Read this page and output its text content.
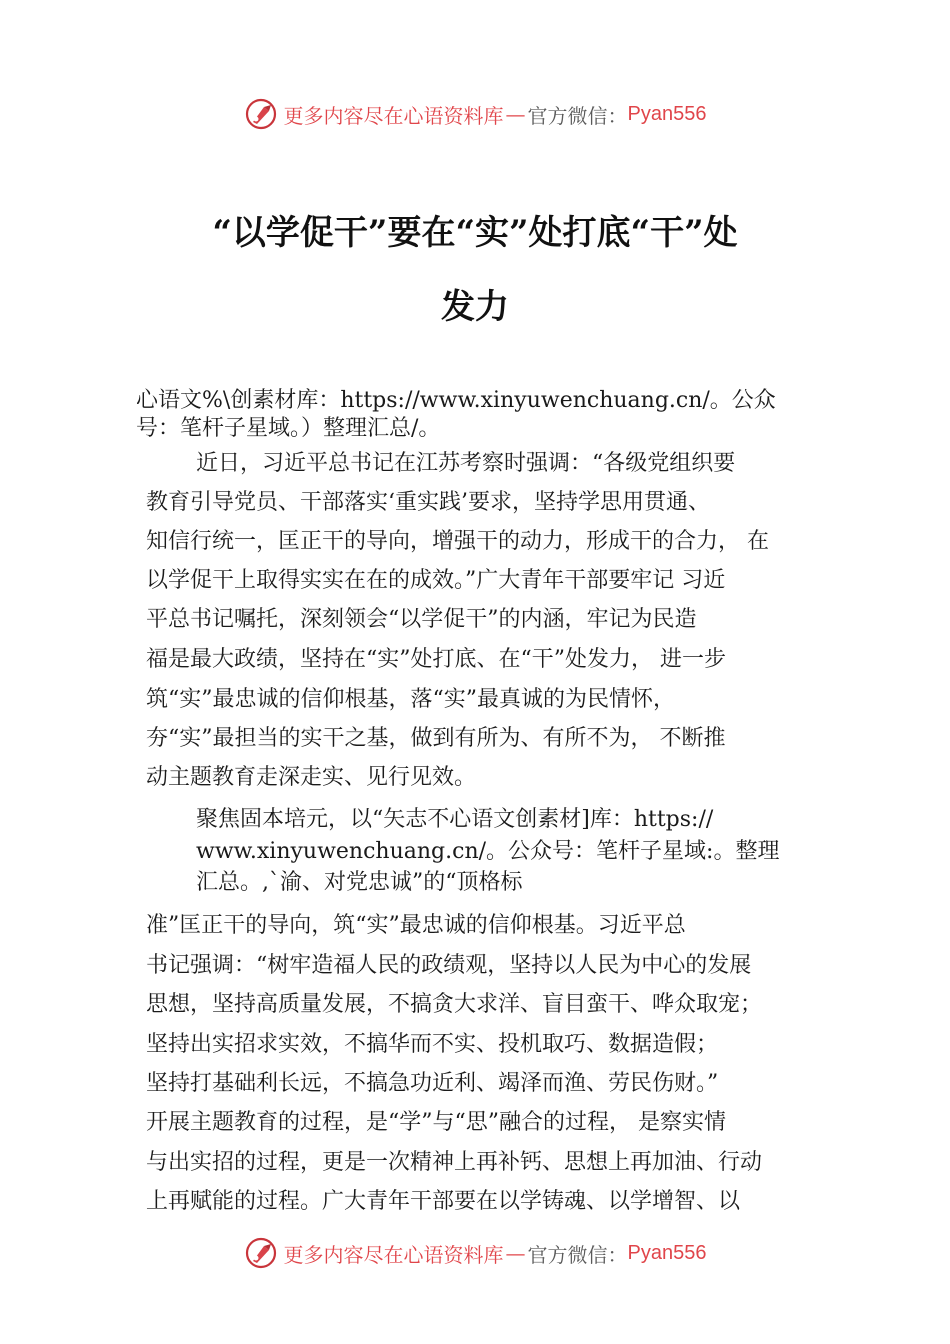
更多内容尽在心语资料库 — 官方微信： Pyan556
“以学促干”要在“实”处打底“干”处
发力
心语文%\创素材库：https://www.xinyuwenchuang.cn/。公众
号：笔杆子星域。）整理汇总/。
近日，习近平总书记在江苏考察时强调：“各级党组织要
教育引导党员、干部落实‘重实践’要求，坚持学思用贯通、
知信行统一，匡正干的导向，增强干的动力，形成干的合力， 在
以学促干上取得实实在在的成效。”广大青年干部要牢记 习近
平总书记嘱托，深刻领会“以学促干”的内涵，牢记为民造
福是最大政绩，坚持在“实”处打底、在“干”处发力， 进一步
筑“实”最忠诚的信仰根基，落“实”最真诚的为民情怀，
夯“实”最担当的实干之基，做到有所为、有所不为， 不断推
动主题教育走深走实、见行见效。
聚焦固本培元，以“矢志不心语文创素材]库：https://
www.xinyuwenchuang.cn/。公众号：笔杆子星域:。整理
汇总。,`渝、对党忠诚”的“顶格标
准”匡正干的导向，筑“实”最忠诚的信仰根基。习近平总
书记强调：“树牢造福人民的政绩观，坚持以人民为中心的发展
思想，坚持高质量发展，不搞贪大求洋、盲目蛮干、哗众取宠；
坚持出实招求实效，不搞华而不实、投机取巧、数据造假；
坚持打基础利长远，不搞急功近利、竭泽而渔、劳民伤财。”
开展主题教育的过程，是“学”与“思”融合的过程， 是察实情
与出实招的过程，更是一次精神上再补钙、思想上再加油、行动
上再赋能的过程。广大青年干部要在以学铸魂、以学增智、以
更多内容尽在心语资料库 — 官方微信： Pyan556
